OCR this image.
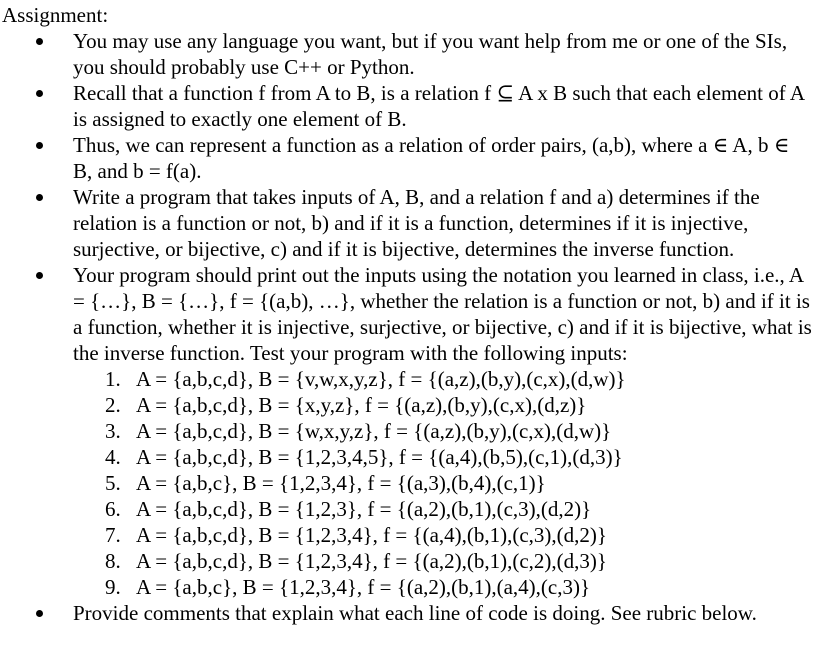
Assignment:
You may use any language you want, but if you want help from me or one of the SIs, you should probably use C++ or Python.
Recall that a function f from A to B, is a relation f ⊆ A x B such that each element of A is assigned to exactly one element of B.
Thus, we can represent a function as a relation of order pairs, (a,b), where a ∈ A, b ∈ B, and b = f(a).
Write a program that takes inputs of A, B, and a relation f and a) determines if the relation is a function or not, b) and if it is a function, determines if it is injective, surjective, or bijective, c) and if it is bijective, determines the inverse function.
Your program should print out the inputs using the notation you learned in class, i.e., A = {…}, B = {…}, f = {(a,b), …}, whether the relation is a function or not, b) and if it is a function, whether it is injective, surjective, or bijective, c) and if it is bijective, what is the inverse function. Test your program with the following inputs:
1. A = {a,b,c,d}, B = {v,w,x,y,z}, f = {(a,z),(b,y),(c,x),(d,w)}
2. A = {a,b,c,d}, B = {x,y,z}, f = {(a,z),(b,y),(c,x),(d,z)}
3. A = {a,b,c,d}, B = {w,x,y,z}, f = {(a,z),(b,y),(c,x),(d,w)}
4. A = {a,b,c,d}, B = {1,2,3,4,5}, f = {(a,4),(b,5),(c,1),(d,3)}
5. A = {a,b,c}, B = {1,2,3,4}, f = {(a,3),(b,4),(c,1)}
6. A = {a,b,c,d}, B = {1,2,3}, f = {(a,2),(b,1),(c,3),(d,2)}
7. A = {a,b,c,d}, B = {1,2,3,4}, f = {(a,4),(b,1),(c,3),(d,2)}
8. A = {a,b,c,d}, B = {1,2,3,4}, f = {(a,2),(b,1),(c,2),(d,3)}
9. A = {a,b,c}, B = {1,2,3,4}, f = {(a,2),(b,1),(a,4),(c,3)}
Provide comments that explain what each line of code is doing. See rubric below.
